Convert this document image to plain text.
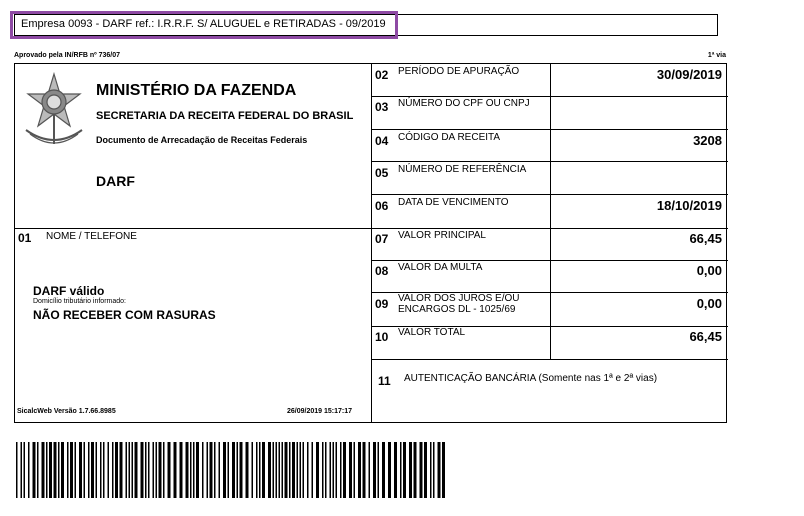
Empresa 0093 - DARF ref.: I.R.R.F. S/ ALUGUEL e RETIRADAS - 09/2019
Aprovado pela IN/RFB nº 736/07	1ª via
MINISTÉRIO DA FAZENDA
SECRETARIA DA RECEITA FEDERAL DO BRASIL
Documento de Arrecadação de Receitas Federais
DARF
01 NOME / TELEFONE
DARF válido
Domicílio tributário informado:
NÃO RECEBER COM RASURAS
SicalcWeb Versão 1.7.66.8985	26/09/2019 15:17:17
02 PERÍODO DE APURAÇÃO	30/09/2019
03 NÚMERO DO CPF OU CNPJ
04 CÓDIGO DA RECEITA	3208
05 NÚMERO DE REFERÊNCIA
06 DATA DE VENCIMENTO	18/10/2019
07 VALOR PRINCIPAL	66,45
08 VALOR DA MULTA	0,00
09 VALOR DOS JUROS E/OU ENCARGOS DL - 1025/69	0,00
10 VALOR TOTAL	66,45
11 AUTENTICAÇÃO BANCÁRIA (Somente nas 1ª e 2ª vias)
